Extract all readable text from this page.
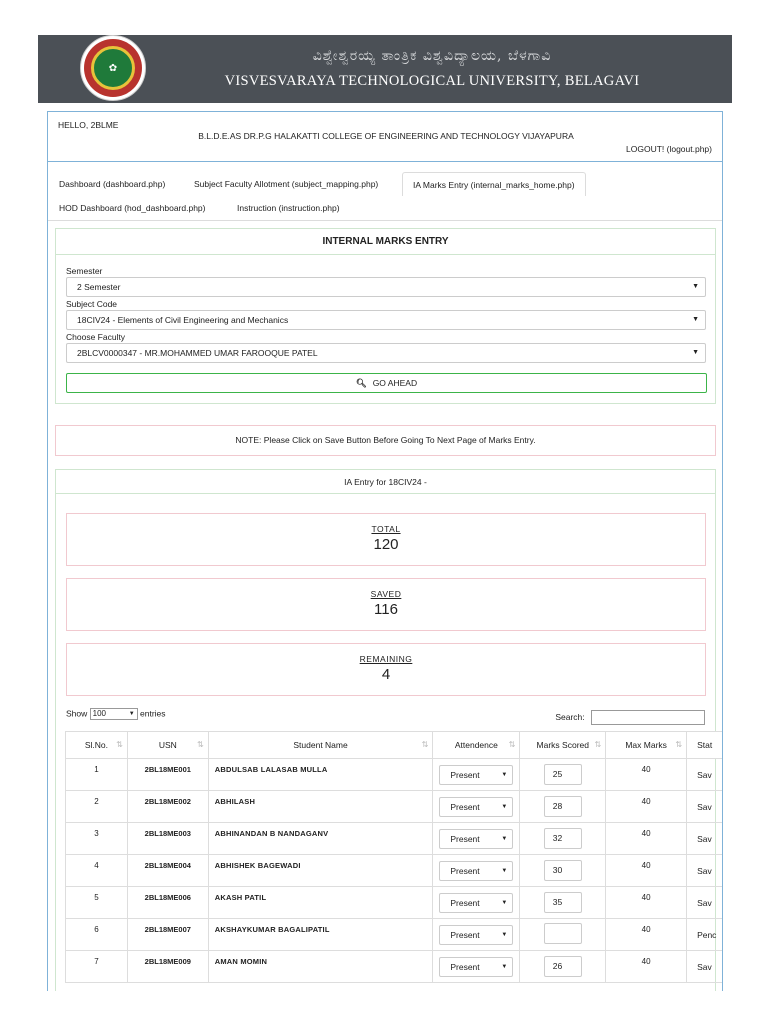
✿
ವಿಶ್ವೇಶ್ವರಯ್ಯ ತಾಂತ್ರಿಕ ವಿಶ್ವವಿದ್ಯಾಲಯ, ಬೆಳಗಾವಿ
VISVESVARAYA TECHNOLOGICAL UNIVERSITY, BELAGAVI
HELLO, 2BLME
B.L.D.E.AS DR.P.G HALAKATTI COLLEGE OF ENGINEERING AND TECHNOLOGY VIJAYAPURA
LOGOUT! (logout.php)
Dashboard (dashboard.php)	Subject Faculty Allotment (subject_mapping.php)	IA Marks Entry (internal_marks_home.php)
HOD Dashboard (hod_dashboard.php)	Instruction (instruction.php)
INTERNAL MARKS ENTRY
Semester
2 Semester	▼
Subject Code
18CIV24 - Elements of Civil Engineering and Mechanics	▼
Choose Faculty
2BLCV0000347 - MR.MOHAMMED UMAR FAROOQUE PATEL	▼
🔍︎ GO AHEAD
NOTE: Please Click on Save Button Before Going To Next Page of Marks Entry.
IA Entry for 18CIV24 -
TOTAL
120
SAVED
116
REMAINING
4
Show 100	▼ entries	Search:
Sl.No. ⇅	USN ⇅	Student Name ⇅	Attendence ⇅	Marks Scored ⇅	Max Marks ⇅	Stat
1	2BL18ME001	ABDULSAB LALASAB MULLA	Present ▼	25	40	Sav
2	2BL18ME002	ABHILASH	Present ▼	28	40	Sav
3	2BL18ME003	ABHINANDAN B NANDAGANV	Present ▼	32	40	Sav
4	2BL18ME004	ABHISHEK BAGEWADI	Present ▼	30	40	Sav
5	2BL18ME006	AKASH PATIL	Present ▼	35	40	Sav
6	2BL18ME007	AKSHAYKUMAR BAGALIPATIL	Present ▼		40	Penc
7	2BL18ME009	AMAN MOMIN	Present ▼	26	40	Sav
